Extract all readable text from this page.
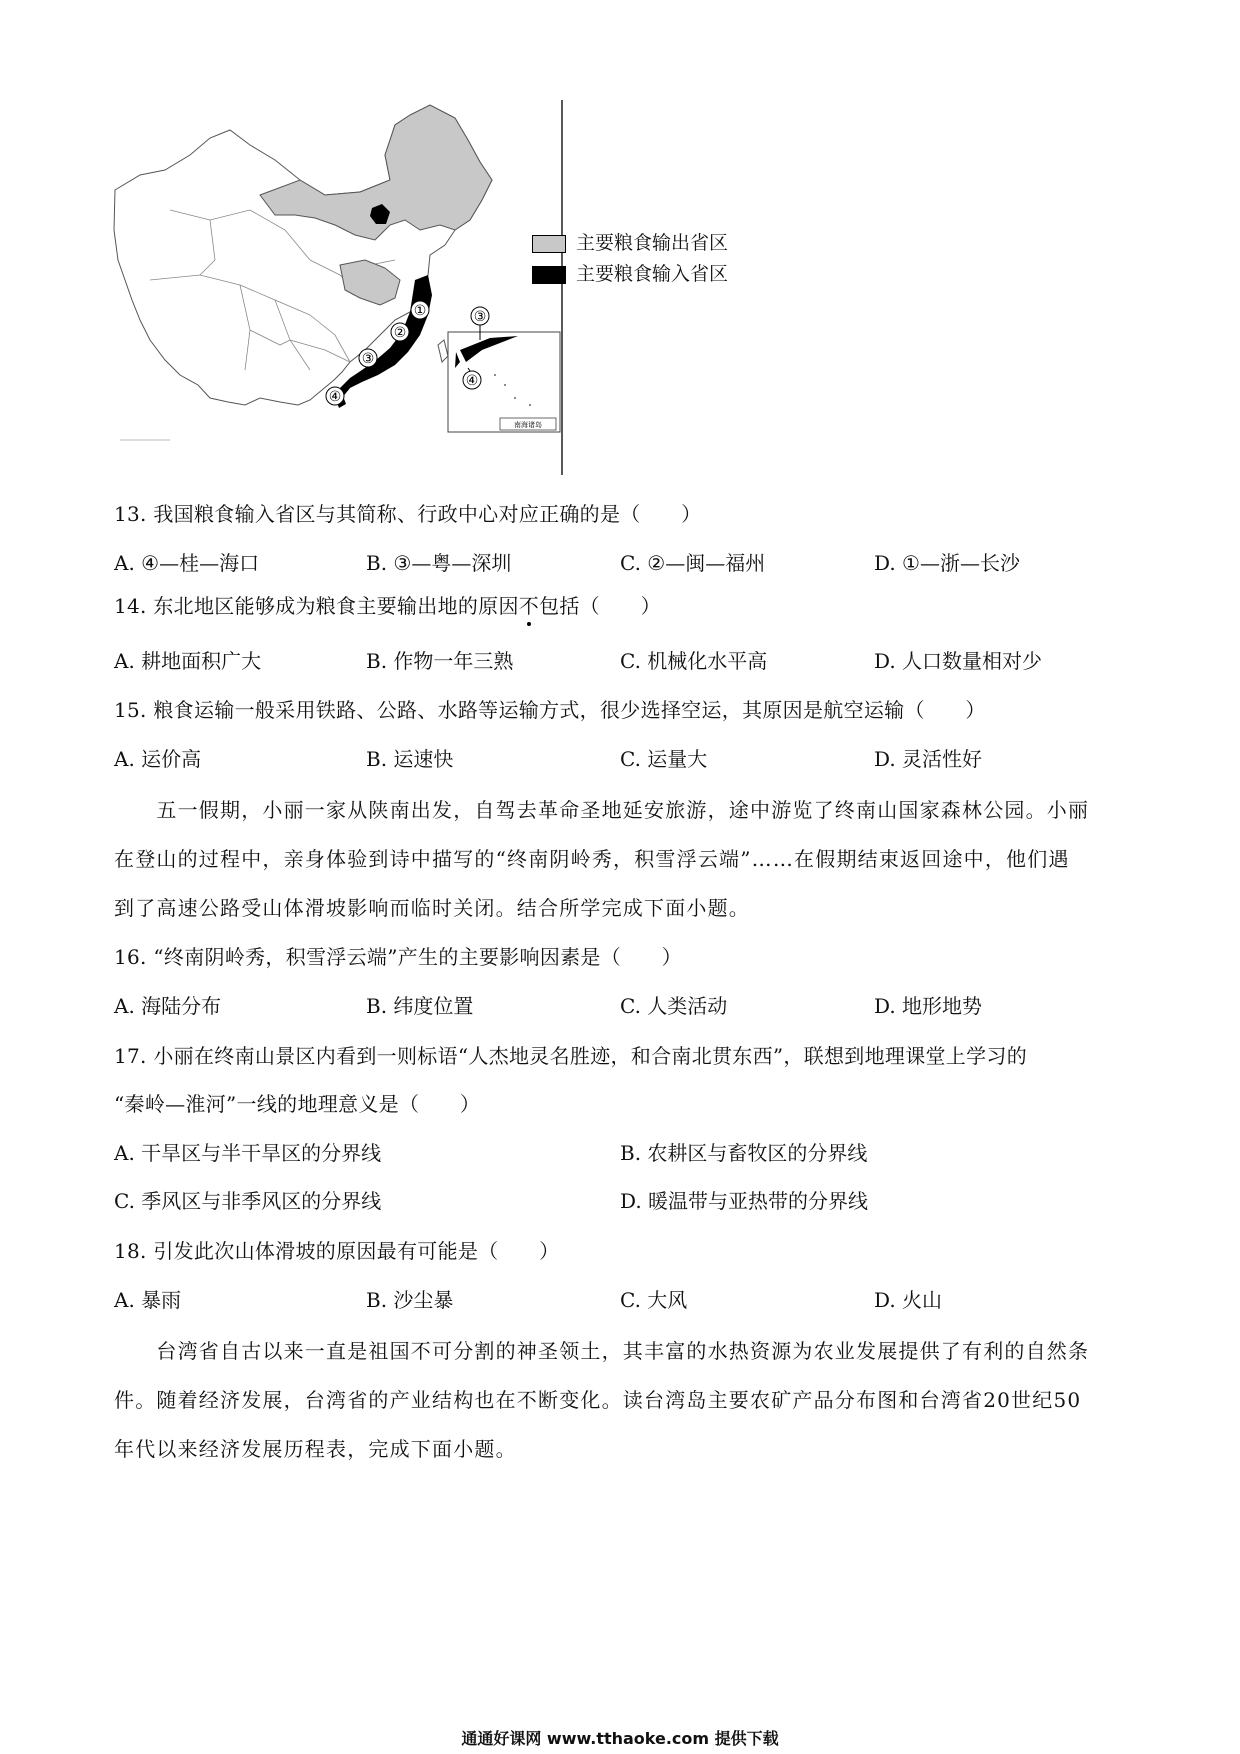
①
②
③
④
③
④
南海诸岛
主要粮食输出省区
主要粮食输入省区
13. 我国粮食输入省区与其简称、行政中心对应正确的是（　　）
A. ④—桂—海口	B. ③—粤—深圳	C. ②—闽—福州	D. ①—浙—长沙
14. 东北地区能够成为粮食主要输出地的原因不包括（　　）
A. 耕地面积广大	B. 作物一年三熟	C. 机械化水平高	D. 人口数量相对少
15. 粮食运输一般采用铁路、公路、水路等运输方式，很少选择空运，其原因是航空运输（　　）
A. 运价高	B. 运速快	C. 运量大	D. 灵活性好
　　五一假期，小丽一家从陕南出发，自驾去革命圣地延安旅游，途中游览了终南山国家森林公园。小丽
在登山的过程中，亲身体验到诗中描写的“终南阴岭秀，积雪浮云端”……在假期结束返回途中，他们遇
到了高速公路受山体滑坡影响而临时关闭。结合所学完成下面小题。
16. “终南阴岭秀，积雪浮云端”产生的主要影响因素是（　　）
A. 海陆分布	B. 纬度位置	C. 人类活动	D. 地形地势
17. 小丽在终南山景区内看到一则标语“人杰地灵名胜迹，和合南北贯东西”，联想到地理课堂上学习的
“秦岭—淮河”一线的地理意义是（　　）
A. 干旱区与半干旱区的分界线	B. 农耕区与畜牧区的分界线
C. 季风区与非季风区的分界线	D. 暖温带与亚热带的分界线
18. 引发此次山体滑坡的原因最有可能是（　　）
A. 暴雨	B. 沙尘暴	C. 大风	D. 火山
　　台湾省自古以来一直是祖国不可分割的神圣领土，其丰富的水热资源为农业发展提供了有利的自然条
件。随着经济发展，台湾省的产业结构也在不断变化。读台湾岛主要农矿产品分布图和台湾省20世纪50
年代以来经济发展历程表，完成下面小题。
通通好课网 www.tthaoke.com 提供下载
